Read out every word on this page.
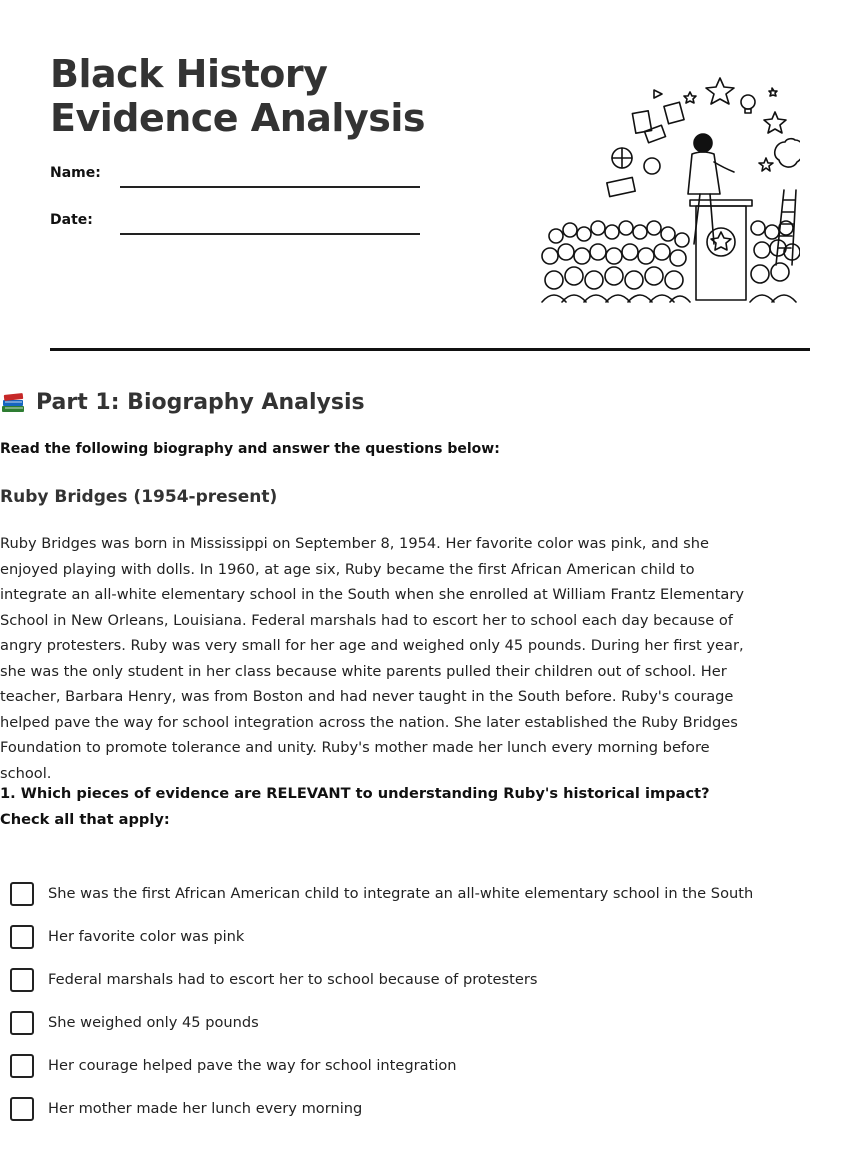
Black History Evidence Analysis
Name:
Date:
Part 1: Biography Analysis

Read the following biography and answer the questions below:

Ruby Bridges (1954-present)

Ruby Bridges was born in Mississippi on September 8, 1954. Her favorite color was pink, and she enjoyed playing with dolls. In 1960, at age six, Ruby became the first African American child to integrate an all-white elementary school in the South when she enrolled at William Frantz Elementary School in New Orleans, Louisiana. Federal marshals had to escort her to school each day because of angry protesters. Ruby was very small for her age and weighed only 45 pounds. During her first year, she was the only student in her class because white parents pulled their children out of school. Her teacher, Barbara Henry, was from Boston and had never taught in the South before. Ruby's courage helped pave the way for school integration across the nation. She later established the Ruby Bridges Foundation to promote tolerance and unity. Ruby's mother made her lunch every morning before school.

1. Which pieces of evidence are RELEVANT to understanding Ruby's historical impact? Check all that apply:

She was the first African American child to integrate an all-white elementary school in the South
Her favorite color was pink
Federal marshals had to escort her to school because of protesters
She weighed only 45 pounds
Her courage helped pave the way for school integration
Her mother made her lunch every morning
